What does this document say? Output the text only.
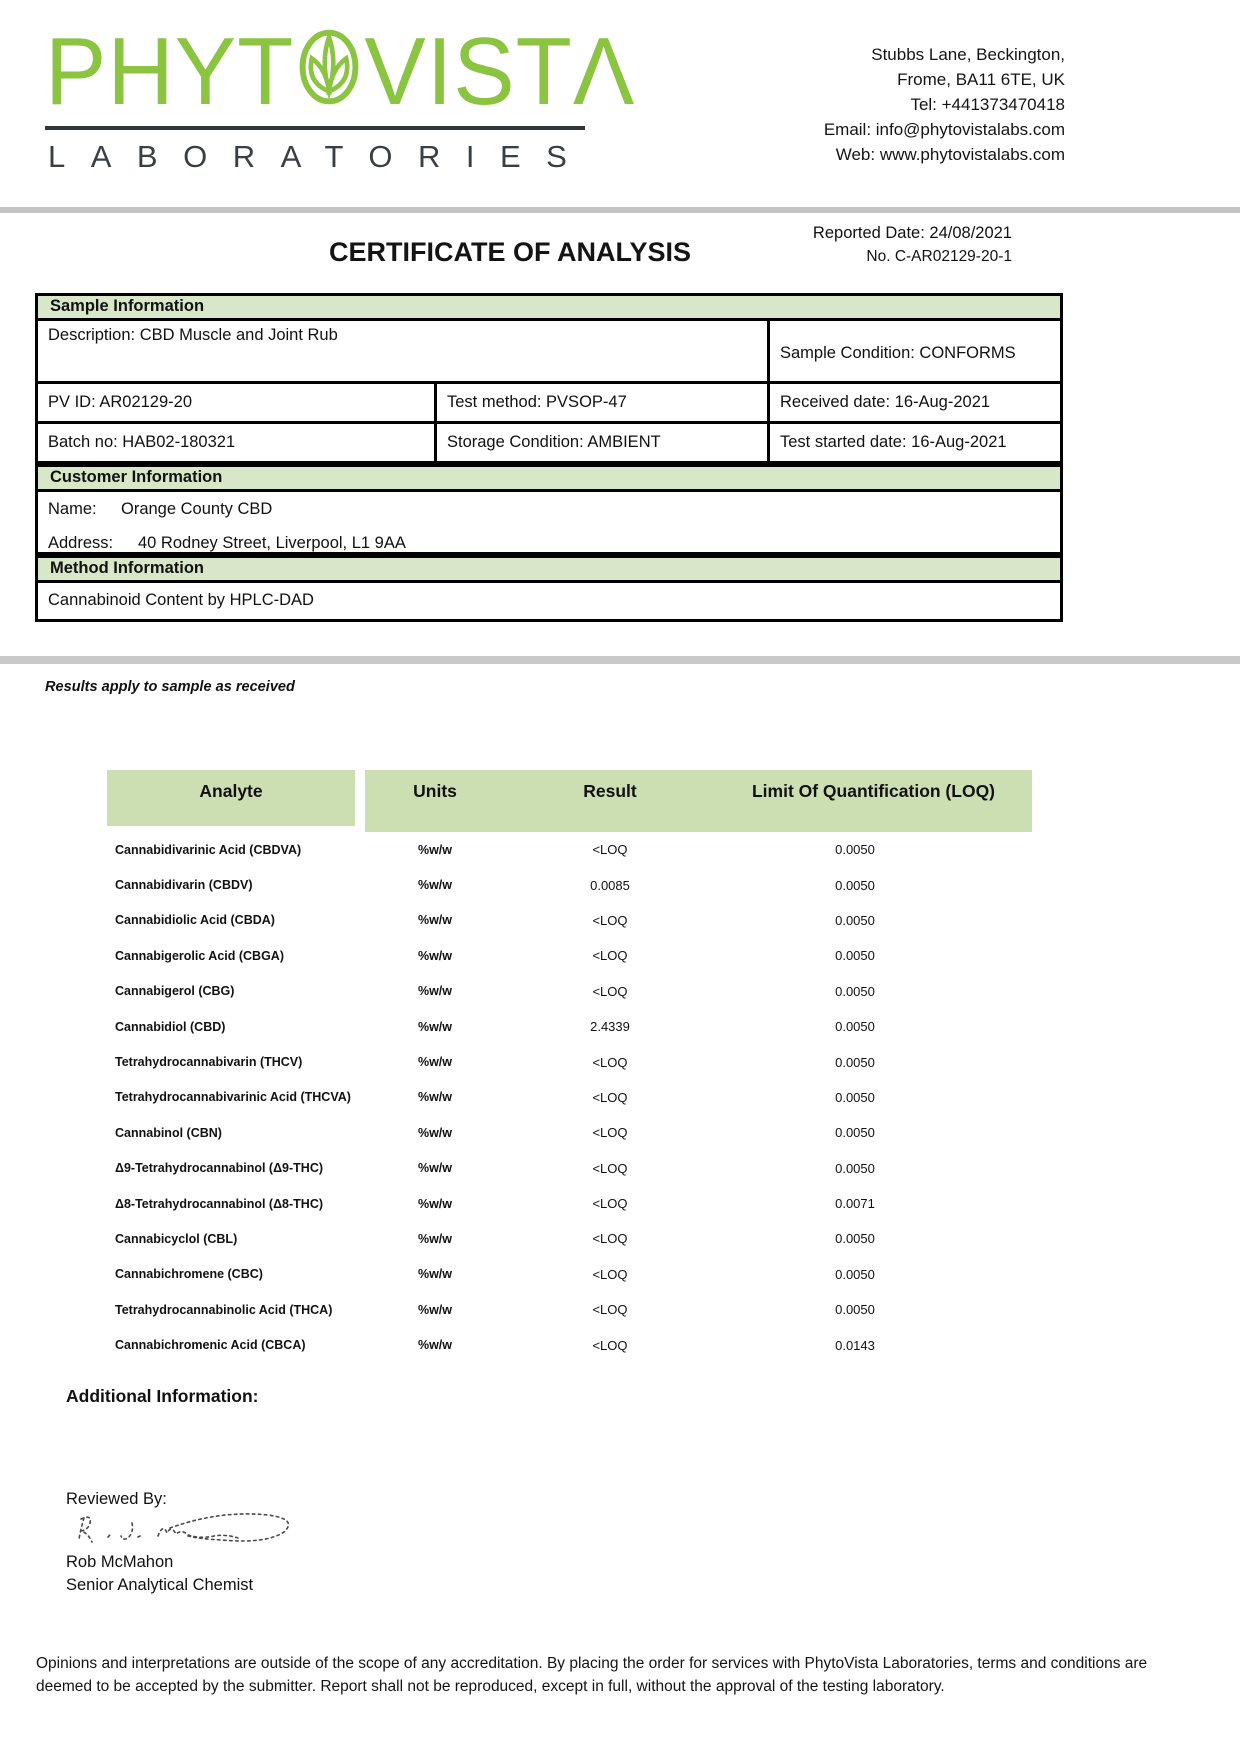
PHYT VISTΛ
LABORATORIES
Stubbs Lane, Beckington,
Frome, BA11 6TE, UK
Tel: +441373470418
Email: info@phytovistalabs.com
Web: www.phytovistalabs.com
Reported Date: 24/08/2021
No. C-AR02129-20-1
CERTIFICATE OF ANALYSIS
Sample Information
Description: CBD Muscle and Joint Rub
Sample Condition: CONFORMS
PV ID: AR02129-20	Test method: PVSOP-47	Received date: 16-Aug-2021
Batch no: HAB02-180321	Storage Condition: AMBIENT	Test started date: 16-Aug-2021
Customer Information
Name:	Orange County CBD
Address:	40 Rodney Street, Liverpool, L1 9AA
Method Information
Cannabinoid Content by HPLC-DAD
Results apply to sample as received
Analyte	Units	Result	Limit Of Quantification (LOQ)
Cannabidivarinic Acid (CBDVA)	%w/w	<LOQ	0.0050
Cannabidivarin (CBDV)	%w/w	0.0085	0.0050
Cannabidiolic Acid (CBDA)	%w/w	<LOQ	0.0050
Cannabigerolic Acid (CBGA)	%w/w	<LOQ	0.0050
Cannabigerol (CBG)	%w/w	<LOQ	0.0050
Cannabidiol (CBD)	%w/w	2.4339	0.0050
Tetrahydrocannabivarin (THCV)	%w/w	<LOQ	0.0050
Tetrahydrocannabivarinic Acid (THCVA)	%w/w	<LOQ	0.0050
Cannabinol (CBN)	%w/w	<LOQ	0.0050
Δ9-Tetrahydrocannabinol (Δ9-THC)	%w/w	<LOQ	0.0050
Δ8-Tetrahydrocannabinol (Δ8-THC)	%w/w	<LOQ	0.0071
Cannabicyclol (CBL)	%w/w	<LOQ	0.0050
Cannabichromene (CBC)	%w/w	<LOQ	0.0050
Tetrahydrocannabinolic Acid (THCA)	%w/w	<LOQ	0.0050
Cannabichromenic Acid (CBCA)	%w/w	<LOQ	0.0143
Additional Information:
Reviewed By:
Rob McMahon
Senior Analytical Chemist
Opinions and interpretations are outside of the scope of any accreditation. By placing the order for services with PhytoVista Laboratories, terms and conditions are deemed to be accepted by the submitter. Report shall not be reproduced, except in full, without the approval of the testing laboratory.
